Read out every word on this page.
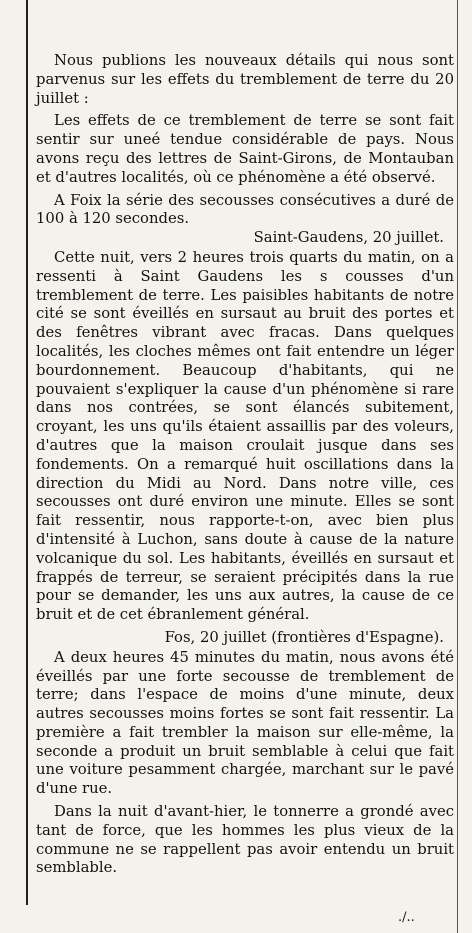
Nous publions les nouveaux détails qui nous sont parvenus sur les effets du tremblement de terre du 20 juillet :

Les effets de ce tremblement de terre se sont fait sentir sur uneé tendue considérable de pays. Nous avons reçu des lettres de Saint-Girons, de Montauban et d'autres localités, où ce phénomène a été observé.

A Foix la série des secousses consécutives a duré de 100 à 120 secondes.

Saint-Gaudens, 20 juillet.

Cette nuit, vers 2 heures trois quarts du matin, on a ressenti à Saint Gaudens les s cousses d'un tremblement de terre. Les paisibles habitants de notre cité se sont éveillés en sursaut au bruit des portes et des fenêtres vibrant avec fracas. Dans quelques localités, les cloches mêmes ont fait entendre un léger bourdonnement. Beaucoup d'habitants, qui ne pouvaient s'expliquer la cause d'un phénomène si rare dans nos contrées, se sont élancés subitement, croyant, les uns qu'ils étaient assaillis par des voleurs, d'autres que la maison croulait jusque dans ses fondements. On a remarqué huit oscillations dans la direction du Midi au Nord. Dans notre ville, ces secousses ont duré environ une minute. Elles se sont fait ressentir, nous rapporte-t-on, avec bien plus d'intensité à Luchon, sans doute à cause de la nature volcanique du sol. Les habitants, éveillés en sursaut et frappés de terreur, se seraient précipités dans la rue pour se demander, les uns aux autres, la cause de ce bruit et de cet ébranlement général.

Fos, 20 juillet (frontières d'Espagne).

A deux heures 45 minutes du matin, nous avons été éveillés par une forte secousse de tremblement de terre; dans l'espace de moins d'une minute, deux autres secousses moins fortes se sont fait ressentir. La première a fait trembler la maison sur elle-même, la seconde a produit un bruit semblable à celui que fait une voiture pesamment chargée, marchant sur le pavé d'une rue.

Dans la nuit d'avant-hier, le tonnerre a grondé avec tant de force, que les hommes les plus vieux de la commune ne se rappellent pas avoir entendu un bruit semblable.

./..
